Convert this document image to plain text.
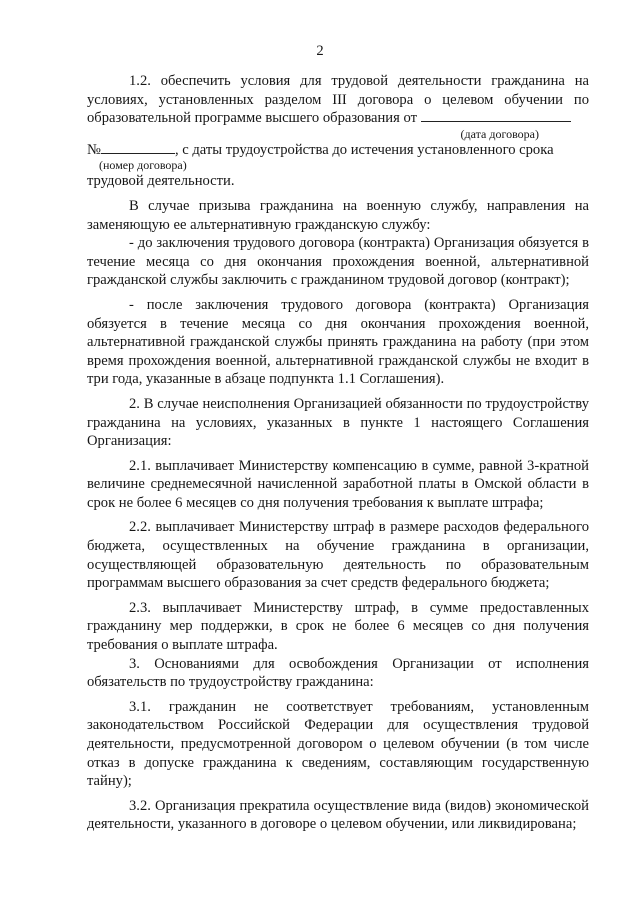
2

1.2. обеспечить условия для трудовой деятельности гражданина на условиях, установленных разделом III договора о целевом обучении по образовательной программе высшего образования от

(дата договора)

№	, с даты трудоустройства до истечения установленного срока

(номер договора)

трудовой деятельности.

В случае призыва гражданина на военную службу, направления на заменяющую ее альтернативную гражданскую службу:

- до заключения трудового договора (контракта) Организация обязуется в течение месяца со дня окончания прохождения военной, альтернативной гражданской службы заключить с гражданином трудовой договор (контракт);

- после заключения трудового договора (контракта) Организация обязуется в течение месяца со дня окончания прохождения военной, альтернативной гражданской службы принять гражданина на работу (при этом время прохождения военной, альтернативной гражданской службы не входит в три года, указанные в абзаце подпункта 1.1 Соглашения).

2. В случае неисполнения Организацией обязанности по трудоустройству гражданина на условиях, указанных в пункте 1 настоящего Соглашения Организация:

2.1. выплачивает Министерству компенсацию в сумме, равной 3-кратной величине среднемесячной начисленной заработной платы в Омской области в срок не более 6 месяцев со дня получения требования к выплате штрафа;

2.2. выплачивает Министерству штраф в размере расходов федерального бюджета, осуществленных на обучение гражданина в организации, осуществляющей образовательную деятельность по образовательным программам высшего образования за счет средств федерального бюджета;

2.3. выплачивает Министерству штраф, в сумме предоставленных гражданину мер поддержки, в срок не более 6 месяцев со дня получения требования о выплате штрафа.

3. Основаниями для освобождения Организации от исполнения обязательств по трудоустройству гражданина:

3.1. гражданин не соответствует требованиям, установленным законодательством Российской Федерации для осуществления трудовой деятельности, предусмотренной договором о целевом обучении (в том числе отказ в допуске гражданина к сведениям, составляющим государственную тайну);

3.2. Организация прекратила осуществление вида (видов) экономической деятельности, указанного в договоре о целевом обучении, или ликвидирована;
